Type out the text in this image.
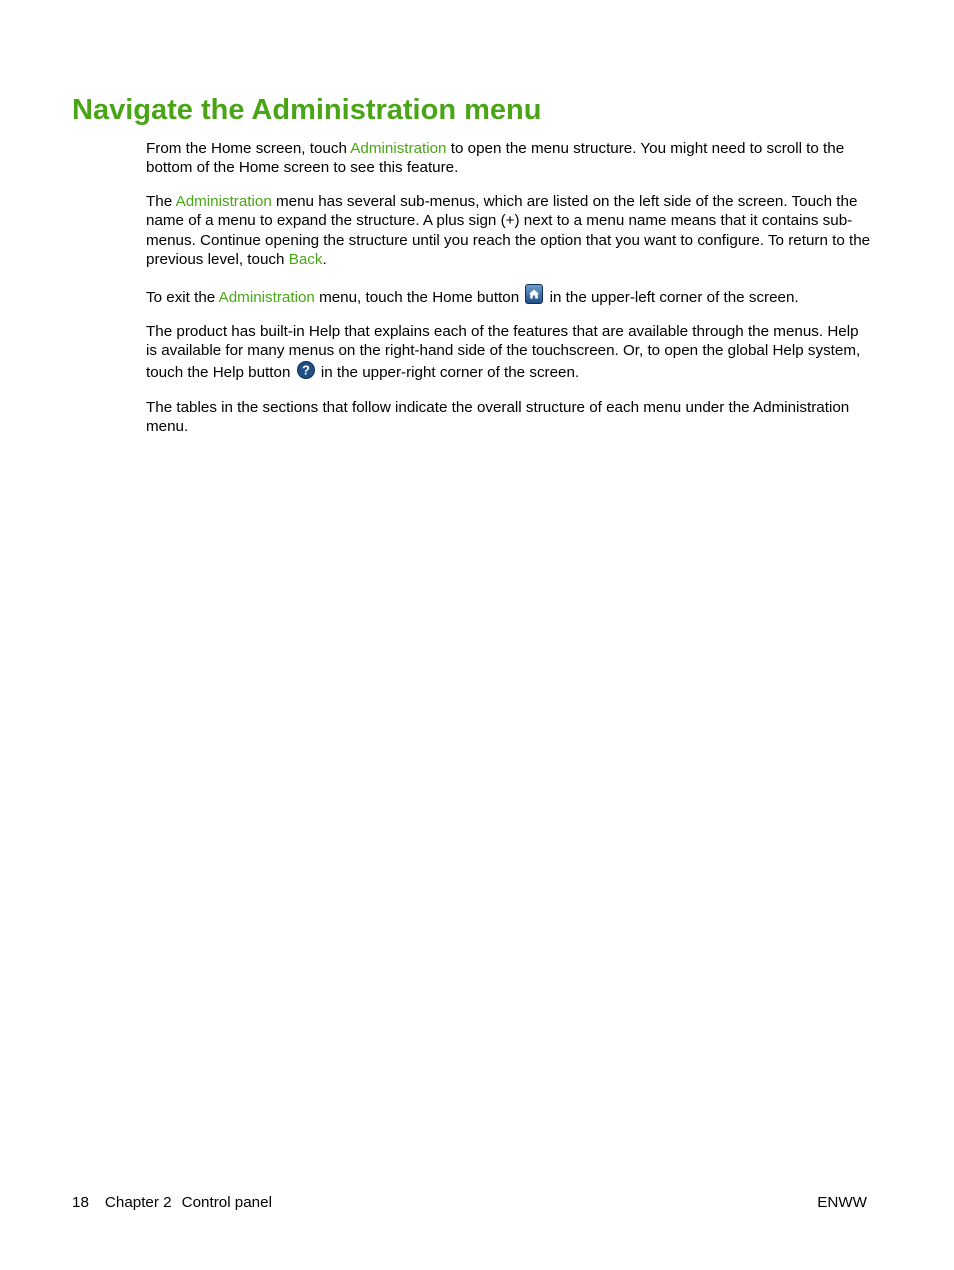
Navigate the Administration menu

From the Home screen, touch Administration to open the menu structure. You might need to scroll to the bottom of the Home screen to see this feature.

The Administration menu has several sub-menus, which are listed on the left side of the screen. Touch the name of a menu to expand the structure. A plus sign (+) next to a menu name means that it contains sub-menus. Continue opening the structure until you reach the option that you want to configure. To return to the previous level, touch Back.

To exit the Administration menu, touch the Home button  in the upper-left corner of the screen.

The product has built-in Help that explains each of the features that are available through the menus. Help is available for many menus on the right-hand side of the touchscreen. Or, to open the global Help system, touch the Help button ? in the upper-right corner of the screen.

The tables in the sections that follow indicate the overall structure of each menu under the Administration menu.

18 Chapter 2 Control panel	ENWW
